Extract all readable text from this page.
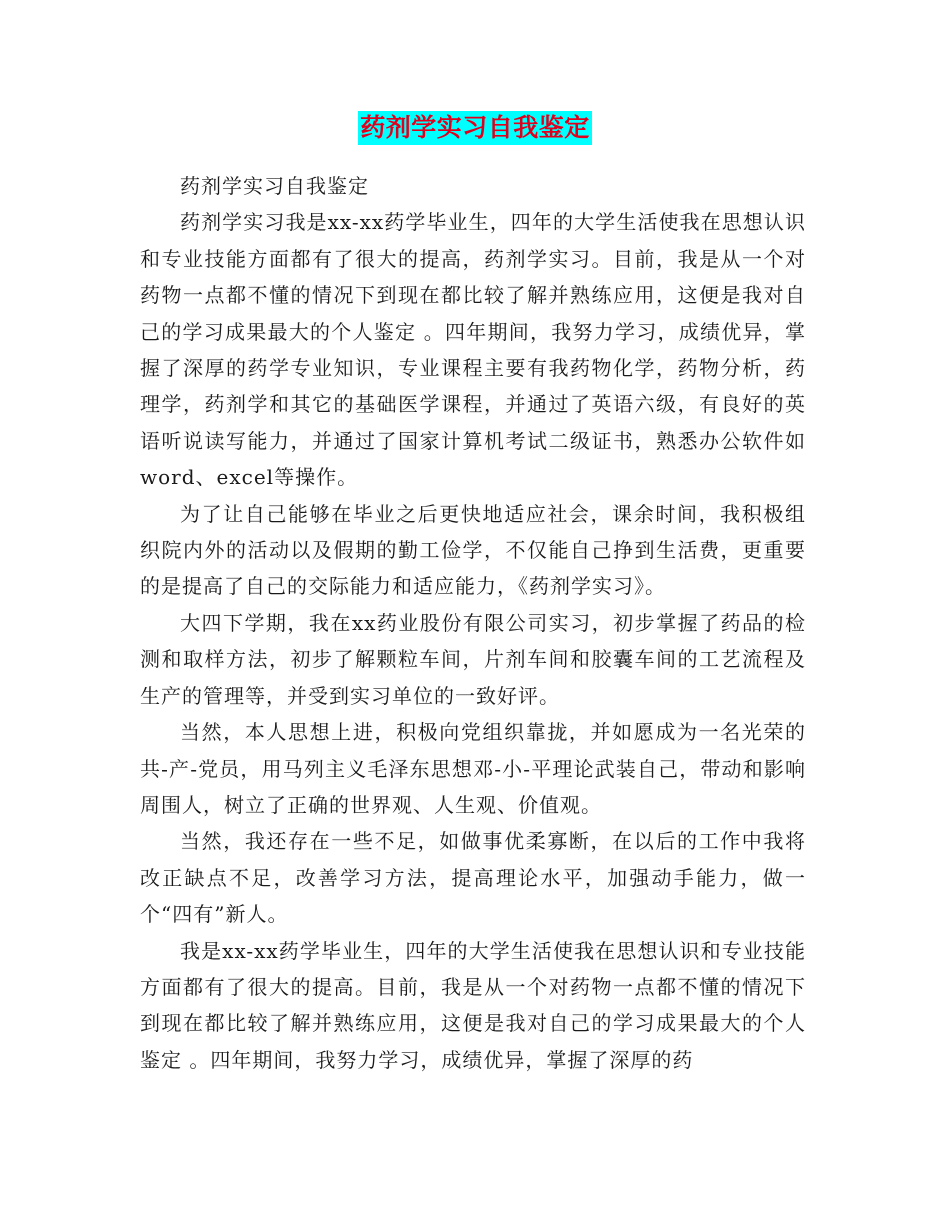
药剂学实习自我鉴定

药剂学实习自我鉴定

药剂学实习我是xx-xx药学毕业生，四年的大学生活使我在思想认识和专业技能方面都有了很大的提高，药剂学实习。目前，我是从一个对药物一点都不懂的情况下到现在都比较了解并熟练应用，这便是我对自己的学习成果最大的个人鉴定 。四年期间，我努力学习，成绩优异，掌握了深厚的药学专业知识，专业课程主要有我药物化学，药物分析，药理学，药剂学和其它的基础医学课程，并通过了英语六级，有良好的英语听说读写能力，并通过了国家计算机考试二级证书，熟悉办公软件如word、excel等操作。

为了让自己能够在毕业之后更快地适应社会，课余时间，我积极组织院内外的活动以及假期的勤工俭学，不仅能自己挣到生活费，更重要的是提高了自己的交际能力和适应能力，《药剂学实习》。

大四下学期，我在xx药业股份有限公司实习，初步掌握了药品的检测和取样方法，初步了解颗粒车间，片剂车间和胶囊车间的工艺流程及生产的管理等，并受到实习单位的一致好评。

当然，本人思想上进，积极向党组织靠拢，并如愿成为一名光荣的共-产-党员，用马列主义毛泽东思想邓-小-平理论武装自己，带动和影响周围人，树立了正确的世界观、人生观、价值观。

当然，我还存在一些不足，如做事优柔寡断，在以后的工作中我将改正缺点不足，改善学习方法，提高理论水平，加强动手能力，做一个“四有”新人。

我是xx-xx药学毕业生，四年的大学生活使我在思想认识和专业技能方面都有了很大的提高。目前，我是从一个对药物一点都不懂的情况下到现在都比较了解并熟练应用，这便是我对自己的学习成果最大的个人鉴定 。四年期间，我努力学习，成绩优异，掌握了深厚的药
